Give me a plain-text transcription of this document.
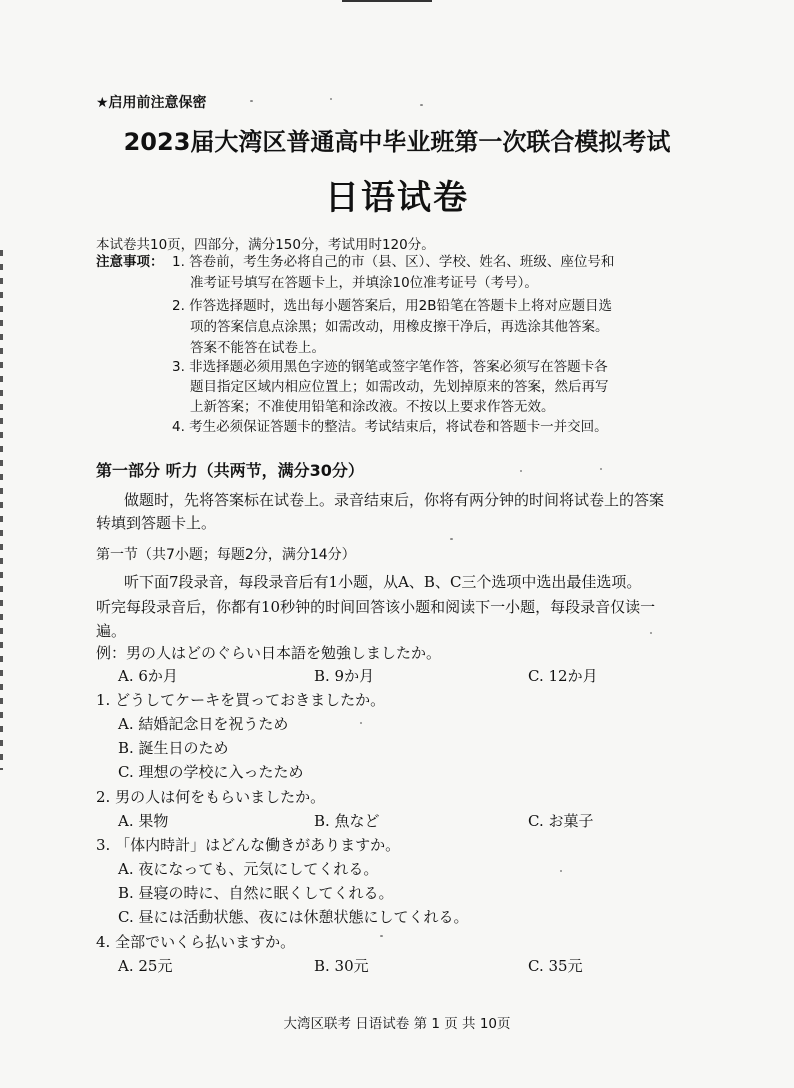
★启用前注意保密
2023届大湾区普通高中毕业班第一次联合模拟考试
日语试卷
本试卷共10页，四部分，满分150分，考试用时120分。
注意事项： 1. 答卷前，考生务必将自己的市（县、区）、学校、姓名、班级、座位号和
准考证号填写在答题卡上，并填涂10位准考证号（考号）。
2. 作答选择题时，选出每小题答案后，用2B铅笔在答题卡上将对应题目选
项的答案信息点涂黑；如需改动，用橡皮擦干净后，再选涂其他答案。
答案不能答在试卷上。
3. 非选择题必须用黑色字迹的钢笔或签字笔作答，答案必须写在答题卡各
题目指定区域内相应位置上；如需改动，先划掉原来的答案，然后再写
上新答案；不准使用铅笔和涂改液。不按以上要求作答无效。
4. 考生必须保证答题卡的整洁。考试结束后，将试卷和答题卡一并交回。
第一部分 听力（共两节，满分30分）
做题时，先将答案标在试卷上。录音结束后，你将有两分钟的时间将试卷上的答案
转填到答题卡上。
第一节（共7小题；每题2分，满分14分）
听下面7段录音，每段录音后有1小题，从A、B、C三个选项中选出最佳选项。
听完每段录音后，你都有10秒钟的时间回答该小题和阅读下一小题，每段录音仅读一
遍。
例：男の人はどのぐらい日本語を勉強しましたか。
A. 6か月	B. 9か月	C. 12か月
1. どうしてケーキを買っておきましたか。
A. 結婚記念日を祝うため
B. 誕生日のため
C. 理想の学校に入ったため
2. 男の人は何をもらいましたか。
A. 果物	B. 魚など	C. お菓子
3. 「体内時計」はどんな働きがありますか。
A. 夜になっても、元気にしてくれる。
B. 昼寝の時に、自然に眠くしてくれる。
C. 昼には活動状態、夜には休憩状態にしてくれる。
4. 全部でいくら払いますか。
A. 25元	B. 30元	C. 35元
大湾区联考 日语试卷 第 1 页 共 10页
